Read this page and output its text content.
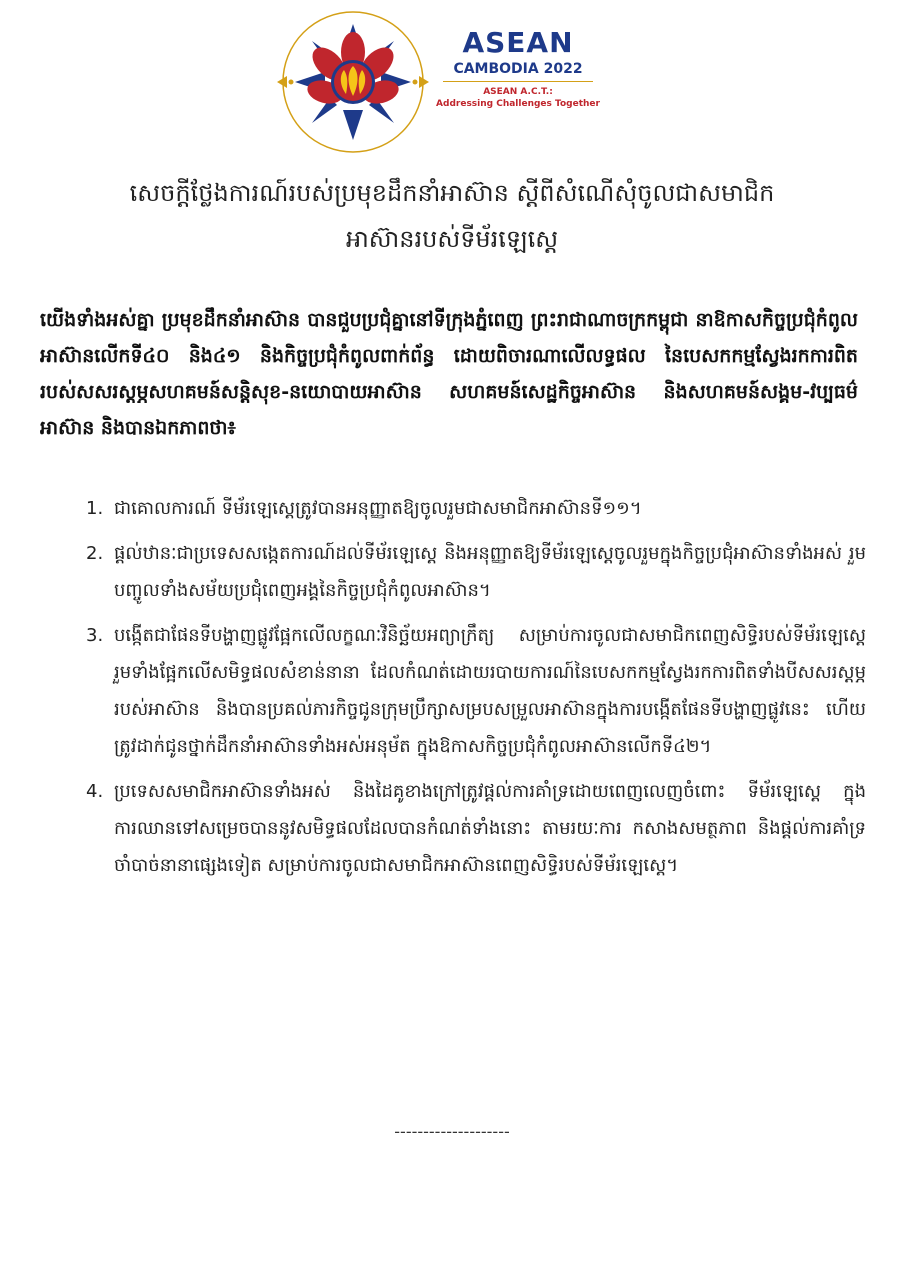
ASEAN
CAMBODIA 2022
ASEAN A.C.T.:
Addressing Challenges Together
សេចក្តីថ្លែងការណ៍របស់ប្រមុខដឹកនាំអាស៊ាន ស្តីពីសំណើសុំចូលជាសមាជិក
អាស៊ានរបស់ទីម័រឡេស្តេ
យើងទាំងអស់គ្នា ប្រមុខដឹកនាំអាស៊ាន បានជួបប្រជុំគ្នានៅទីក្រុងភ្នំពេញ ព្រះរាជាណាចក្រកម្ពុជា នាឱកាសកិច្ចប្រជុំកំពូលអាស៊ានលើកទី៤០ និង៤១ និងកិច្ចប្រជុំកំពូលពាក់ព័ន្ធ ដោយពិចារណាលើលទ្ធផល នៃបេសកកម្មស្វែងរកការពិតរបស់សសរស្តម្ភសហគមន៍សន្តិសុខ-នយោបាយអាស៊ាន សហគមន៍សេដ្ឋកិច្ចអាស៊ាន និងសហគមន៍សង្គម-វប្បធម៌អាស៊ាន និងបានឯកភាពថា៖
1. ជាគោលការណ៍ ទីម័រឡេស្តេត្រូវបានអនុញ្ញាតឱ្យចូលរួមជាសមាជិកអាស៊ានទី១១។
2. ផ្តល់ឋានៈជាប្រទេសសង្កេតការណ៍ដល់ទីម័រឡេស្តេ និងអនុញ្ញាតឱ្យទីម័រឡេស្តេចូលរួមក្នុងកិច្ចប្រជុំអាស៊ានទាំងអស់ រួមបញ្ចូលទាំងសម័យប្រជុំពេញអង្គនៃកិច្ចប្រជុំកំពូលអាស៊ាន។
3. បង្កើតជាផែនទីបង្ហាញផ្លូវផ្អែកលើលក្ខណៈវិនិច្ឆ័យអព្យាក្រឹត្យ សម្រាប់ការចូលជាសមាជិកពេញសិទ្ធិរបស់ទីម័រឡេស្តេ រួមទាំងផ្អែកលើសមិទ្ធផលសំខាន់នានា ដែលកំណត់ដោយរបាយការណ៍នៃបេសកកម្មស្វែងរកការពិតទាំងបីសសរស្តម្ភរបស់អាស៊ាន និងបានប្រគល់ភារកិច្ចជូនក្រុមប្រឹក្សាសម្របសម្រួលអាស៊ានក្នុងការបង្កើតផែនទីបង្ហាញផ្លូវនេះ ហើយត្រូវដាក់ជូនថ្នាក់ដឹកនាំអាស៊ានទាំងអស់អនុម័ត ក្នុងឱកាសកិច្ចប្រជុំកំពូលអាស៊ានលើកទី៤២។
4. ប្រទេសសមាជិកអាស៊ានទាំងអស់ និងដៃគូខាងក្រៅត្រូវផ្តល់ការគាំទ្រដោយពេញលេញចំពោះ ទីម័រឡេស្តេ ក្នុងការឈានទៅសម្រេចបាននូវសមិទ្ធផលដែលបានកំណត់ទាំងនោះ តាមរយៈការ កសាងសមត្ថភាព និងផ្តល់ការគាំទ្រចាំបាច់នានាផ្សេងទៀត សម្រាប់ការចូលជាសមាជិកអាស៊ានពេញសិទ្ធិរបស់ទីម័រឡេស្តេ។
--------------------
